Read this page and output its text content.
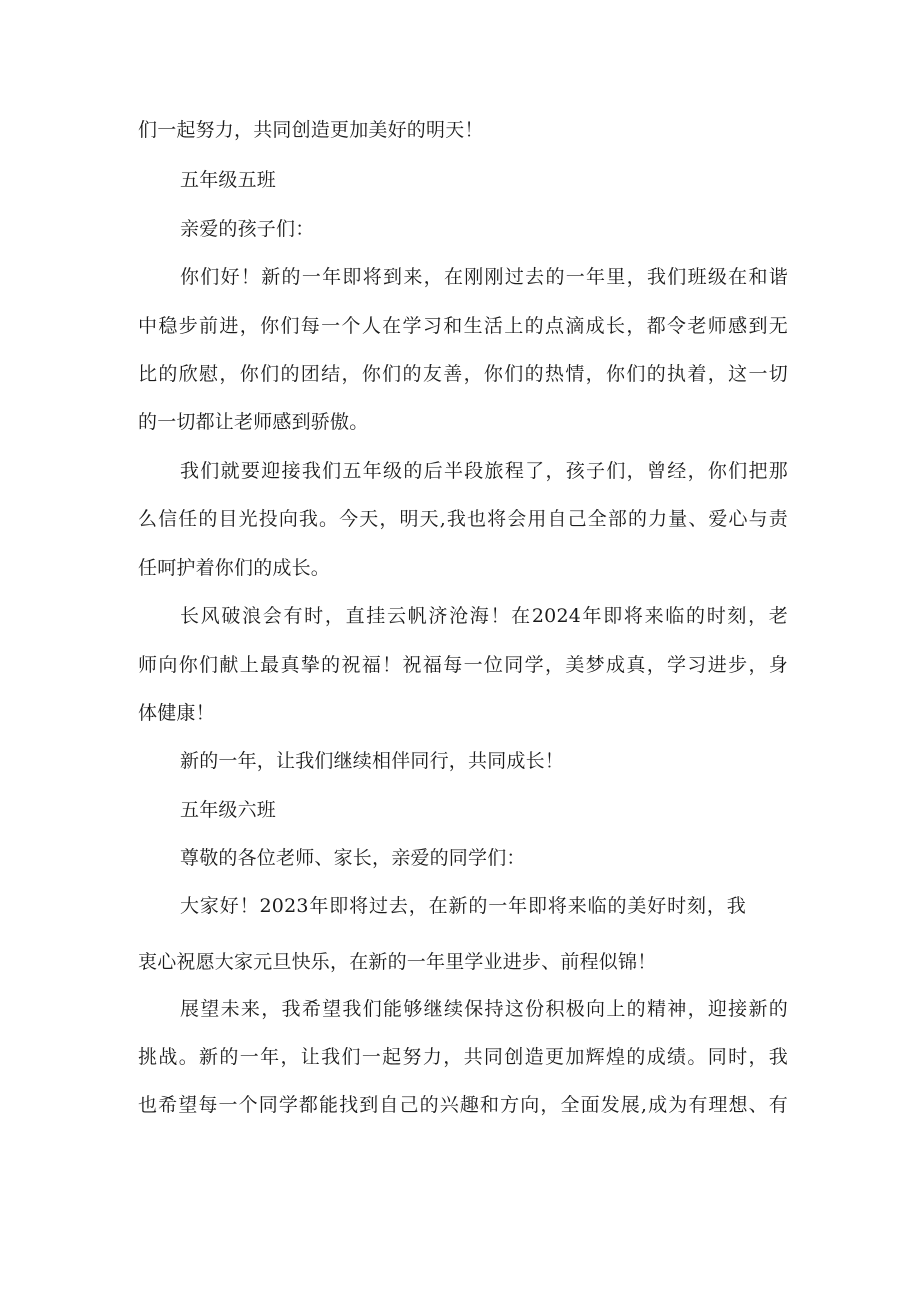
们一起努力，共同创造更加美好的明天！
五年级五班
亲爱的孩子们：
你们好！新的一年即将到来，在刚刚过去的一年里，我们班级在和谐
中稳步前进，你们每一个人在学习和生活上的点滴成长，都令老师感到无
比的欣慰，你们的团结，你们的友善，你们的热情，你们的执着，这一切
的一切都让老师感到骄傲。
我们就要迎接我们五年级的后半段旅程了，孩子们，曾经，你们把那
么信任的目光投向我。今天，明天,我也将会用自己全部的力量、爱心与责
任呵护着你们的成长。
长风破浪会有时，直挂云帆济沧海！在2024年即将来临的时刻，老
师向你们献上最真挚的祝福！祝福每一位同学，美梦成真，学习进步，身
体健康！
新的一年，让我们继续相伴同行，共同成长！
五年级六班
尊敬的各位老师、家长，亲爱的同学们：
大家好！2023年即将过去，在新的一年即将来临的美好时刻，我
衷心祝愿大家元旦快乐，在新的一年里学业进步、前程似锦！
展望未来，我希望我们能够继续保持这份积极向上的精神，迎接新的
挑战。新的一年，让我们一起努力，共同创造更加辉煌的成绩。同时，我
也希望每一个同学都能找到自己的兴趣和方向，全面发展,成为有理想、有
